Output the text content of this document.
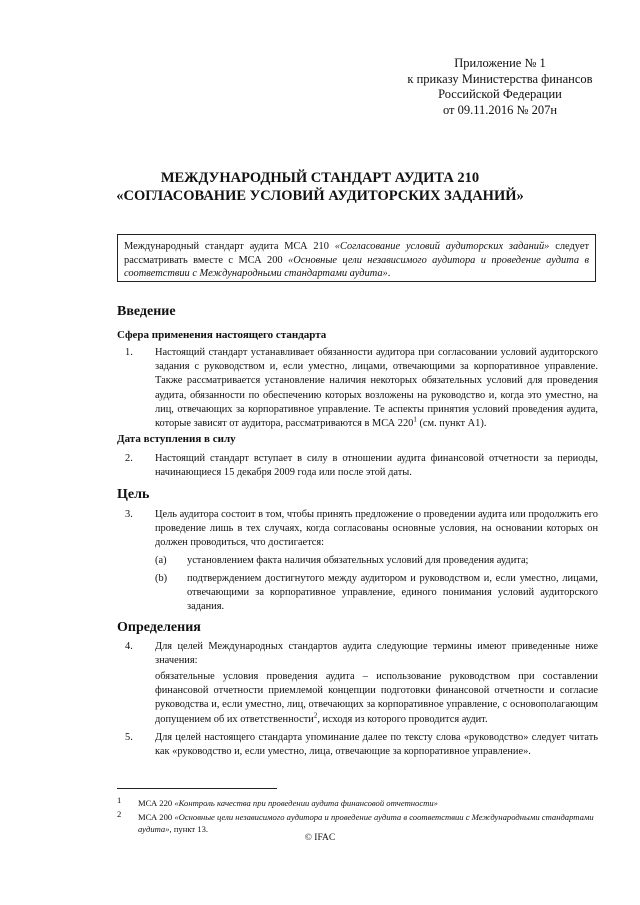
Приложение № 1
к приказу Министерства финансов
Российской Федерации
от 09.11.2016 № 207н
МЕЖДУНАРОДНЫЙ СТАНДАРТ АУДИТА 210
«СОГЛАСОВАНИЕ УСЛОВИЙ АУДИТОРСКИХ ЗАДАНИЙ»
Международный стандарт аудита МСА 210 «Согласование условий аудиторских заданий» следует рассматривать вместе с МСА 200 «Основные цели независимого аудитора и проведение аудита в соответствии с Международными стандартами аудита».
Введение
Сфера применения настоящего стандарта
1. Настоящий стандарт устанавливает обязанности аудитора при согласовании условий аудиторского задания с руководством и, если уместно, лицами, отвечающими за корпоративное управление. Также рассматривается установление наличия некоторых обязательных условий для проведения аудита, обязанности по обеспечению которых возложены на руководство и, когда это уместно, на лиц, отвечающих за корпоративное управление. Те аспекты принятия условий проведения аудита, которые зависят от аудитора, рассматриваются в МСА $220^1$ (см. пункт А1).
Дата вступления в силу
2. Настоящий стандарт вступает в силу в отношении аудита финансовой отчетности за периоды, начинающиеся 15 декабря 2009 года или после этой даты.
Цель
3. Цель аудитора состоит в том, чтобы принять предложение о проведении аудита или продолжить его проведение лишь в тех случаях, когда согласованы основные условия, на основании которых он должен проводиться, что достигается:
(a) установлением факта наличия обязательных условий для проведения аудита;
(b) подтверждением достигнутого между аудитором и руководством и, если уместно, лицами, отвечающими за корпоративное управление, единого понимания условий аудиторского задания.
Определения
4. Для целей Международных стандартов аудита следующие термины имеют приведенные ниже значения:
обязательные условия проведения аудита – использование руководством при составлении финансовой отчетности приемлемой концепции подготовки финансовой отчетности и согласие руководства и, если уместно, лиц, отвечающих за корпоративное управление, с основополагающим допущением об их ответственности$^2$, исходя из которого проводится аудит.
5. Для целей настоящего стандарта упоминание далее по тексту слова «руководство» следует читать как «руководство и, если уместно, лица, отвечающие за корпоративное управление».
1 МСА 220 «Контроль качества при проведении аудита финансовой отчетности»
2 МСА 200 «Основные цели независимого аудитора и проведение аудита в соответствии с Международными стандартами аудита», пункт 13.
© IFAC
